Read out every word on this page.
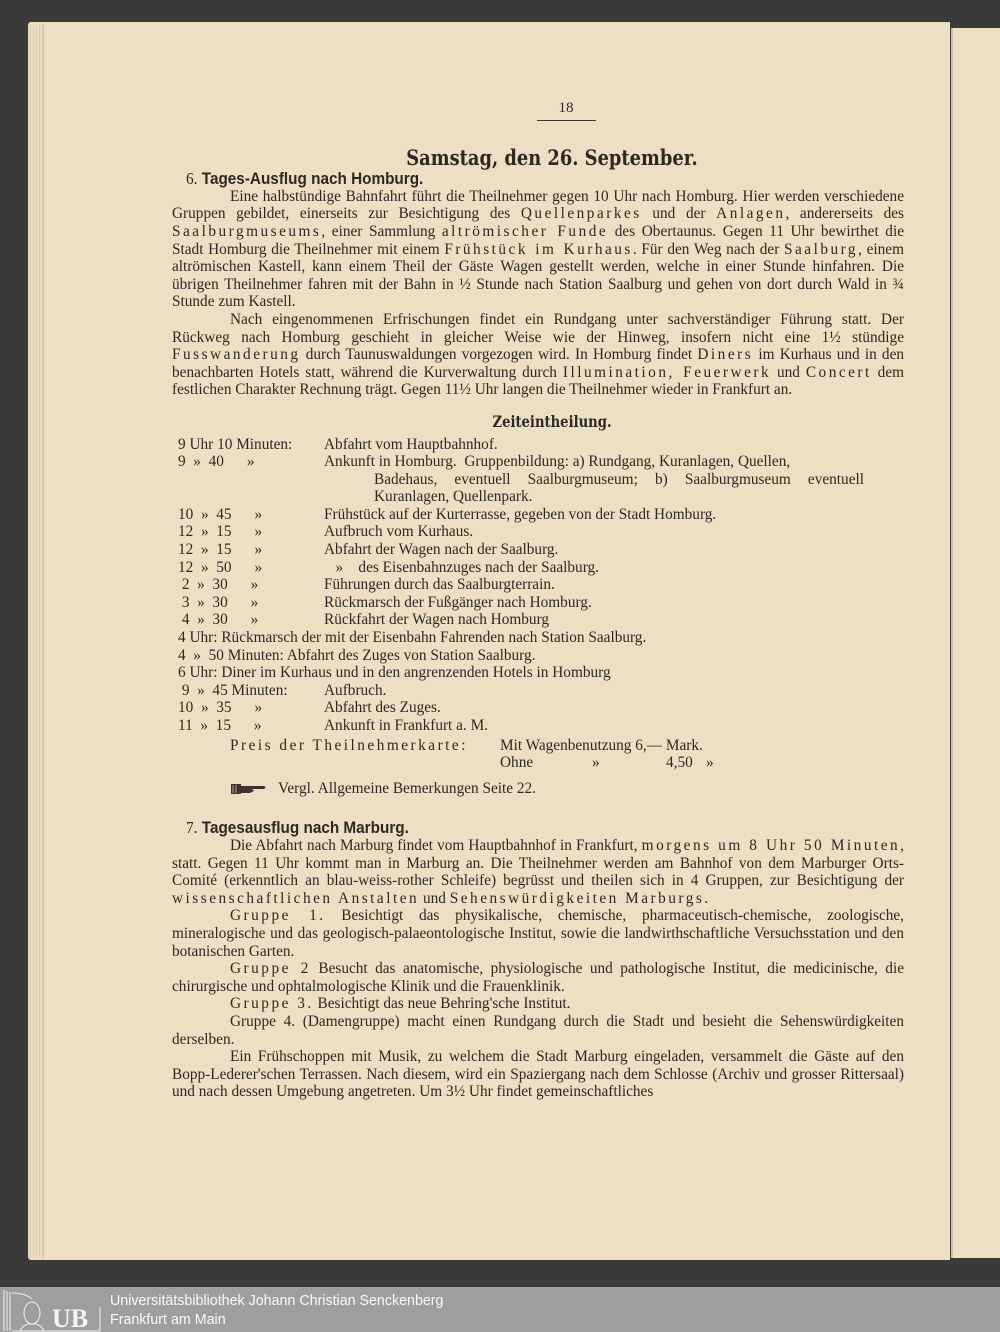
18
Samstag, den 26. September.
6. Tages-Ausflug nach Homburg.

Eine halbstündige Bahnfahrt führt die Theilnehmer gegen 10 Uhr nach Homburg. Hier werden verschiedene Gruppen gebildet, einerseits zur Besichtigung des Quellenparkes und der Anlagen, andererseits des Saalburgmuseums, einer Sammlung altrömischer Funde des Obertaunus. Gegen 11 Uhr bewirthet die Stadt Homburg die Theilnehmer mit einem Frühstück im Kurhaus. Für den Weg nach der Saalburg, einem altrömischen Kastell, kann einem Theil der Gäste Wagen gestellt werden, welche in einer Stunde hinfahren. Die übrigen Theilnehmer fahren mit der Bahn in ½ Stunde nach Station Saalburg und gehen von dort durch Wald in ¾ Stunde zum Kastell.

Nach eingenommenen Erfrischungen findet ein Rundgang unter sachverständiger Führung statt. Der Rückweg nach Homburg geschieht in gleicher Weise wie der Hinweg, insofern nicht eine 1½ stündige Fusswanderung durch Taunuswaldungen vorgezogen wird. In Homburg findet Diners im Kurhaus und in den benachbarten Hotels statt, während die Kurverwaltung durch Illumination, Feuerwerk und Concert dem festlichen Charakter Rechnung trägt. Gegen 11½ Uhr langen die Theilnehmer wieder in Frankfurt an.

Zeiteintheilung.
9 Uhr 10 Minuten:	Abfahrt vom Hauptbahnhof.
9  »  40      »	Ankunft in Homburg.  Gruppenbildung: a) Rundgang, Kuranlagen, Quellen,
Badehaus, eventuell Saalburgmuseum; b) Saalburgmuseum eventuell Kuranlagen, Quellenpark.
10  »  45      »	Frühstück auf der Kurterrasse, gegeben von der Stadt Homburg.
12  »  15      »	Aufbruch vom Kurhaus.
12  »  15      »	Abfahrt der Wagen nach der Saalburg.
12  »  50      »	»    des Eisenbahnzuges nach der Saalburg.
2  »  30      »	Führungen durch das Saalburgterrain.
3  »  30      »	Rückmarsch der Fußgänger nach Homburg.
4  »  30      »	Rückfahrt der Wagen nach Homburg
4 Uhr: Rückmarsch der mit der Eisenbahn Fahrenden nach Station Saalburg.
4  »  50 Minuten: Abfahrt des Zuges von Station Saalburg.
6 Uhr: Diner im Kurhaus und in den angrenzenden Hotels in Homburg
9  »  45 Minuten:	Aufbruch.
10  »  35      »	Abfahrt des Zuges.
11  »  15      »	Ankunft in Frankfurt a. M.
Preis der Theilnehmerkarte:	Mit Wagenbenutzung 6,— Mark.
Ohne	»	4,50 »
Vergl. Allgemeine Bemerkungen Seite 22.
7. Tagesausflug nach Marburg.

Die Abfahrt nach Marburg findet vom Hauptbahnhof in Frankfurt, morgens um 8 Uhr 50 Minuten, statt. Gegen 11 Uhr kommt man in Marburg an. Die Theilnehmer werden am Bahnhof von dem Marburger Orts-Comité (erkenntlich an blau-weiss-rother Schleife) begrüsst und theilen sich in 4 Gruppen, zur Besichtigung der wissenschaftlichen Anstalten und Sehenswürdigkeiten Marburgs.

Gruppe 1. Besichtigt das physikalische, chemische, pharmaceutisch-chemische, zoologische, mineralogische und das geologisch-palaeontologische Institut, sowie die landwirthschaftliche Versuchsstation und den botanischen Garten.

Gruppe 2 Besucht das anatomische, physiologische und pathologische Institut, die medicinische, die chirurgische und ophtalmologische Klinik und die Frauenklinik.

Gruppe 3. Besichtigt das neue Behring'sche Institut.

Gruppe 4. (Damengruppe) macht einen Rundgang durch die Stadt und besieht die Sehenswürdigkeiten derselben.

Ein Frühschoppen mit Musik, zu welchem die Stadt Marburg eingeladen, versammelt die Gäste auf den Bopp-Lederer'schen Terrassen. Nach diesem, wird ein Spaziergang nach dem Schlosse (Archiv und grosser Rittersaal) und nach dessen Umgebung angetreten. Um 3½ Uhr findet gemeinschaftliches

UB
Universitätsbibliothek Johann Christian Senckenberg
Frankfurt am Main
